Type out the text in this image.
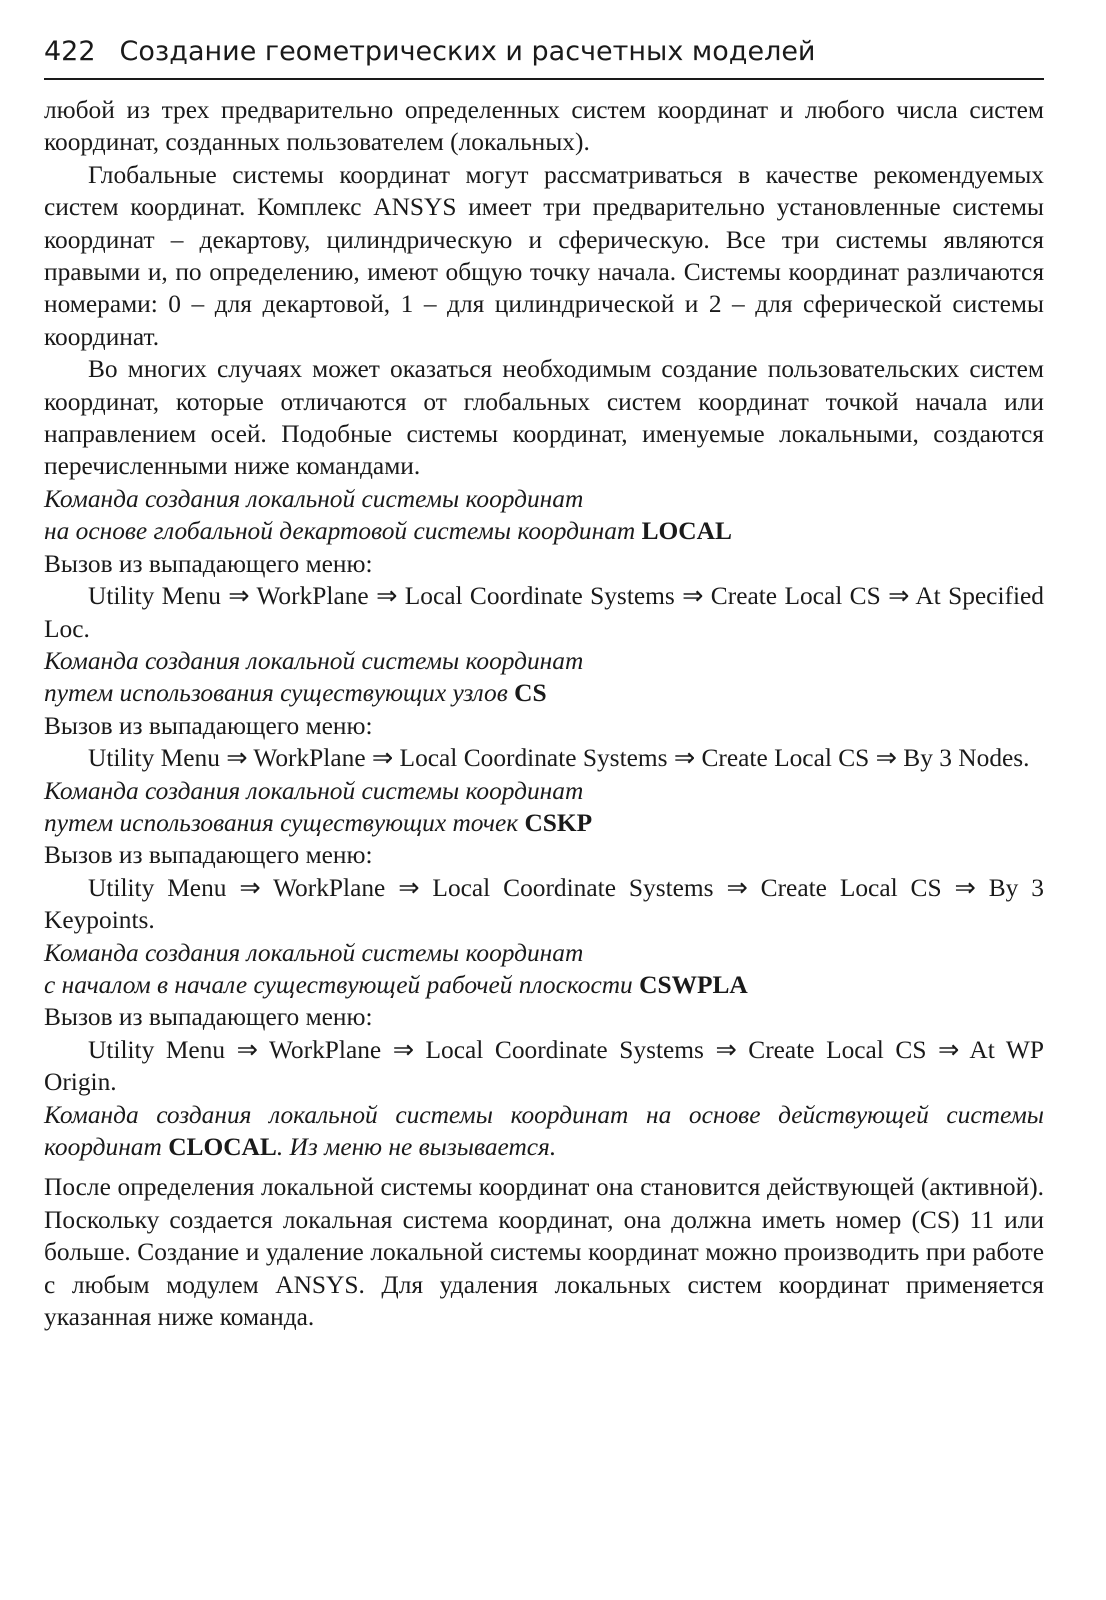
422 Создание геометрических и расчетных моделей

любой из трех предварительно определенных систем координат и любого числа систем координат, созданных пользователем (локальных).

Глобальные системы координат могут рассматриваться в качестве рекомендуемых систем координат. Комплекс ANSYS имеет три предварительно установленные системы координат – декартову, цилиндрическую и сферическую. Все три системы являются правыми и, по определению, имеют общую точку начала. Системы координат различаются номерами: 0 – для декартовой, 1 – для цилиндрической и 2 – для сферической системы координат.

Во многих случаях может оказаться необходимым создание пользовательских систем координат, которые отличаются от глобальных систем координат точкой начала или направлением осей. Подобные системы координат, именуемые локальными, создаются перечисленными ниже командами.

Команда создания локальной системы координат
на основе глобальной декартовой системы координат LOCAL

Вызов из выпадающего меню:

Utility Menu ⇒ WorkPlane ⇒ Local Coordinate Systems ⇒ Create Local CS ⇒ At Specified Loc.

Команда создания локальной системы координат
путем использования существующих узлов CS

Вызов из выпадающего меню:

Utility Menu ⇒ WorkPlane ⇒ Local Coordinate Systems ⇒ Create Local CS ⇒ By 3 Nodes.

Команда создания локальной системы координат
путем использования существующих точек CSKP

Вызов из выпадающего меню:

Utility Menu ⇒ WorkPlane ⇒ Local Coordinate Systems ⇒ Create Local CS ⇒ By 3 Keypoints.

Команда создания локальной системы координат
с началом в начале существующей рабочей плоскости CSWPLA

Вызов из выпадающего меню:

Utility Menu ⇒ WorkPlane ⇒ Local Coordinate Systems ⇒ Create Local CS ⇒ At WP Origin.

Команда создания локальной системы координат на основе действующей системы координат CLOCAL. Из меню не вызывается.

После определения локальной системы координат она становится действующей (активной). Поскольку создается локальная система координат, она должна иметь номер (CS) 11 или больше. Создание и удаление локальной системы координат можно производить при работе с любым модулем ANSYS. Для удаления локальных систем координат применяется указанная ниже команда.
